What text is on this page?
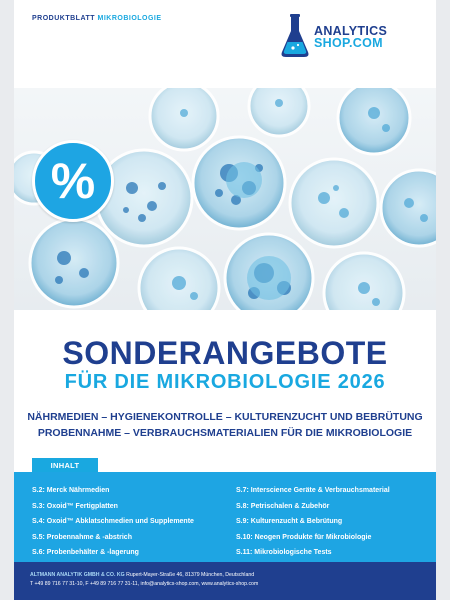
PRODUKTBLATT MIKROBIOLOGIE
ANALYTICS
SHOP.COM
%
SONDERANGEBOTE
FÜR DIE MIKROBIOLOGIE 2026
NÄHRMEDIEN – HYGIENEKONTROLLE – KULTURENZUCHT UND BEBRÜTUNG
PROBENNAHME – VERBRAUCHSMATERIALIEN FÜR DIE MIKROBIOLOGIE
INHALT
S.2: Merck Nährmedien
S.3: Oxoid™ Fertigplatten
S.4: Oxoid™ Abklatschmedien und Supplemente
S.5: Probennahme & -abstrich
S.6: Probenbehälter & -lagerung
S.7: Interscience Geräte & Verbrauchsmaterial
S.8: Petrischalen & Zubehör
S.9: Kulturenzucht & Bebrütung
S.10: Neogen Produkte für Mikrobiologie
S.11: Mikrobiologische Tests
ALTMANN ANALYTIK GMBH & CO. KG Rupert-Mayer-Straße 46, 81379 München, Deutschland
T +49 89 716 77 31-10, F +49 89 716 77 31-11, info@analytics-shop.com, www.analytics-shop.com
